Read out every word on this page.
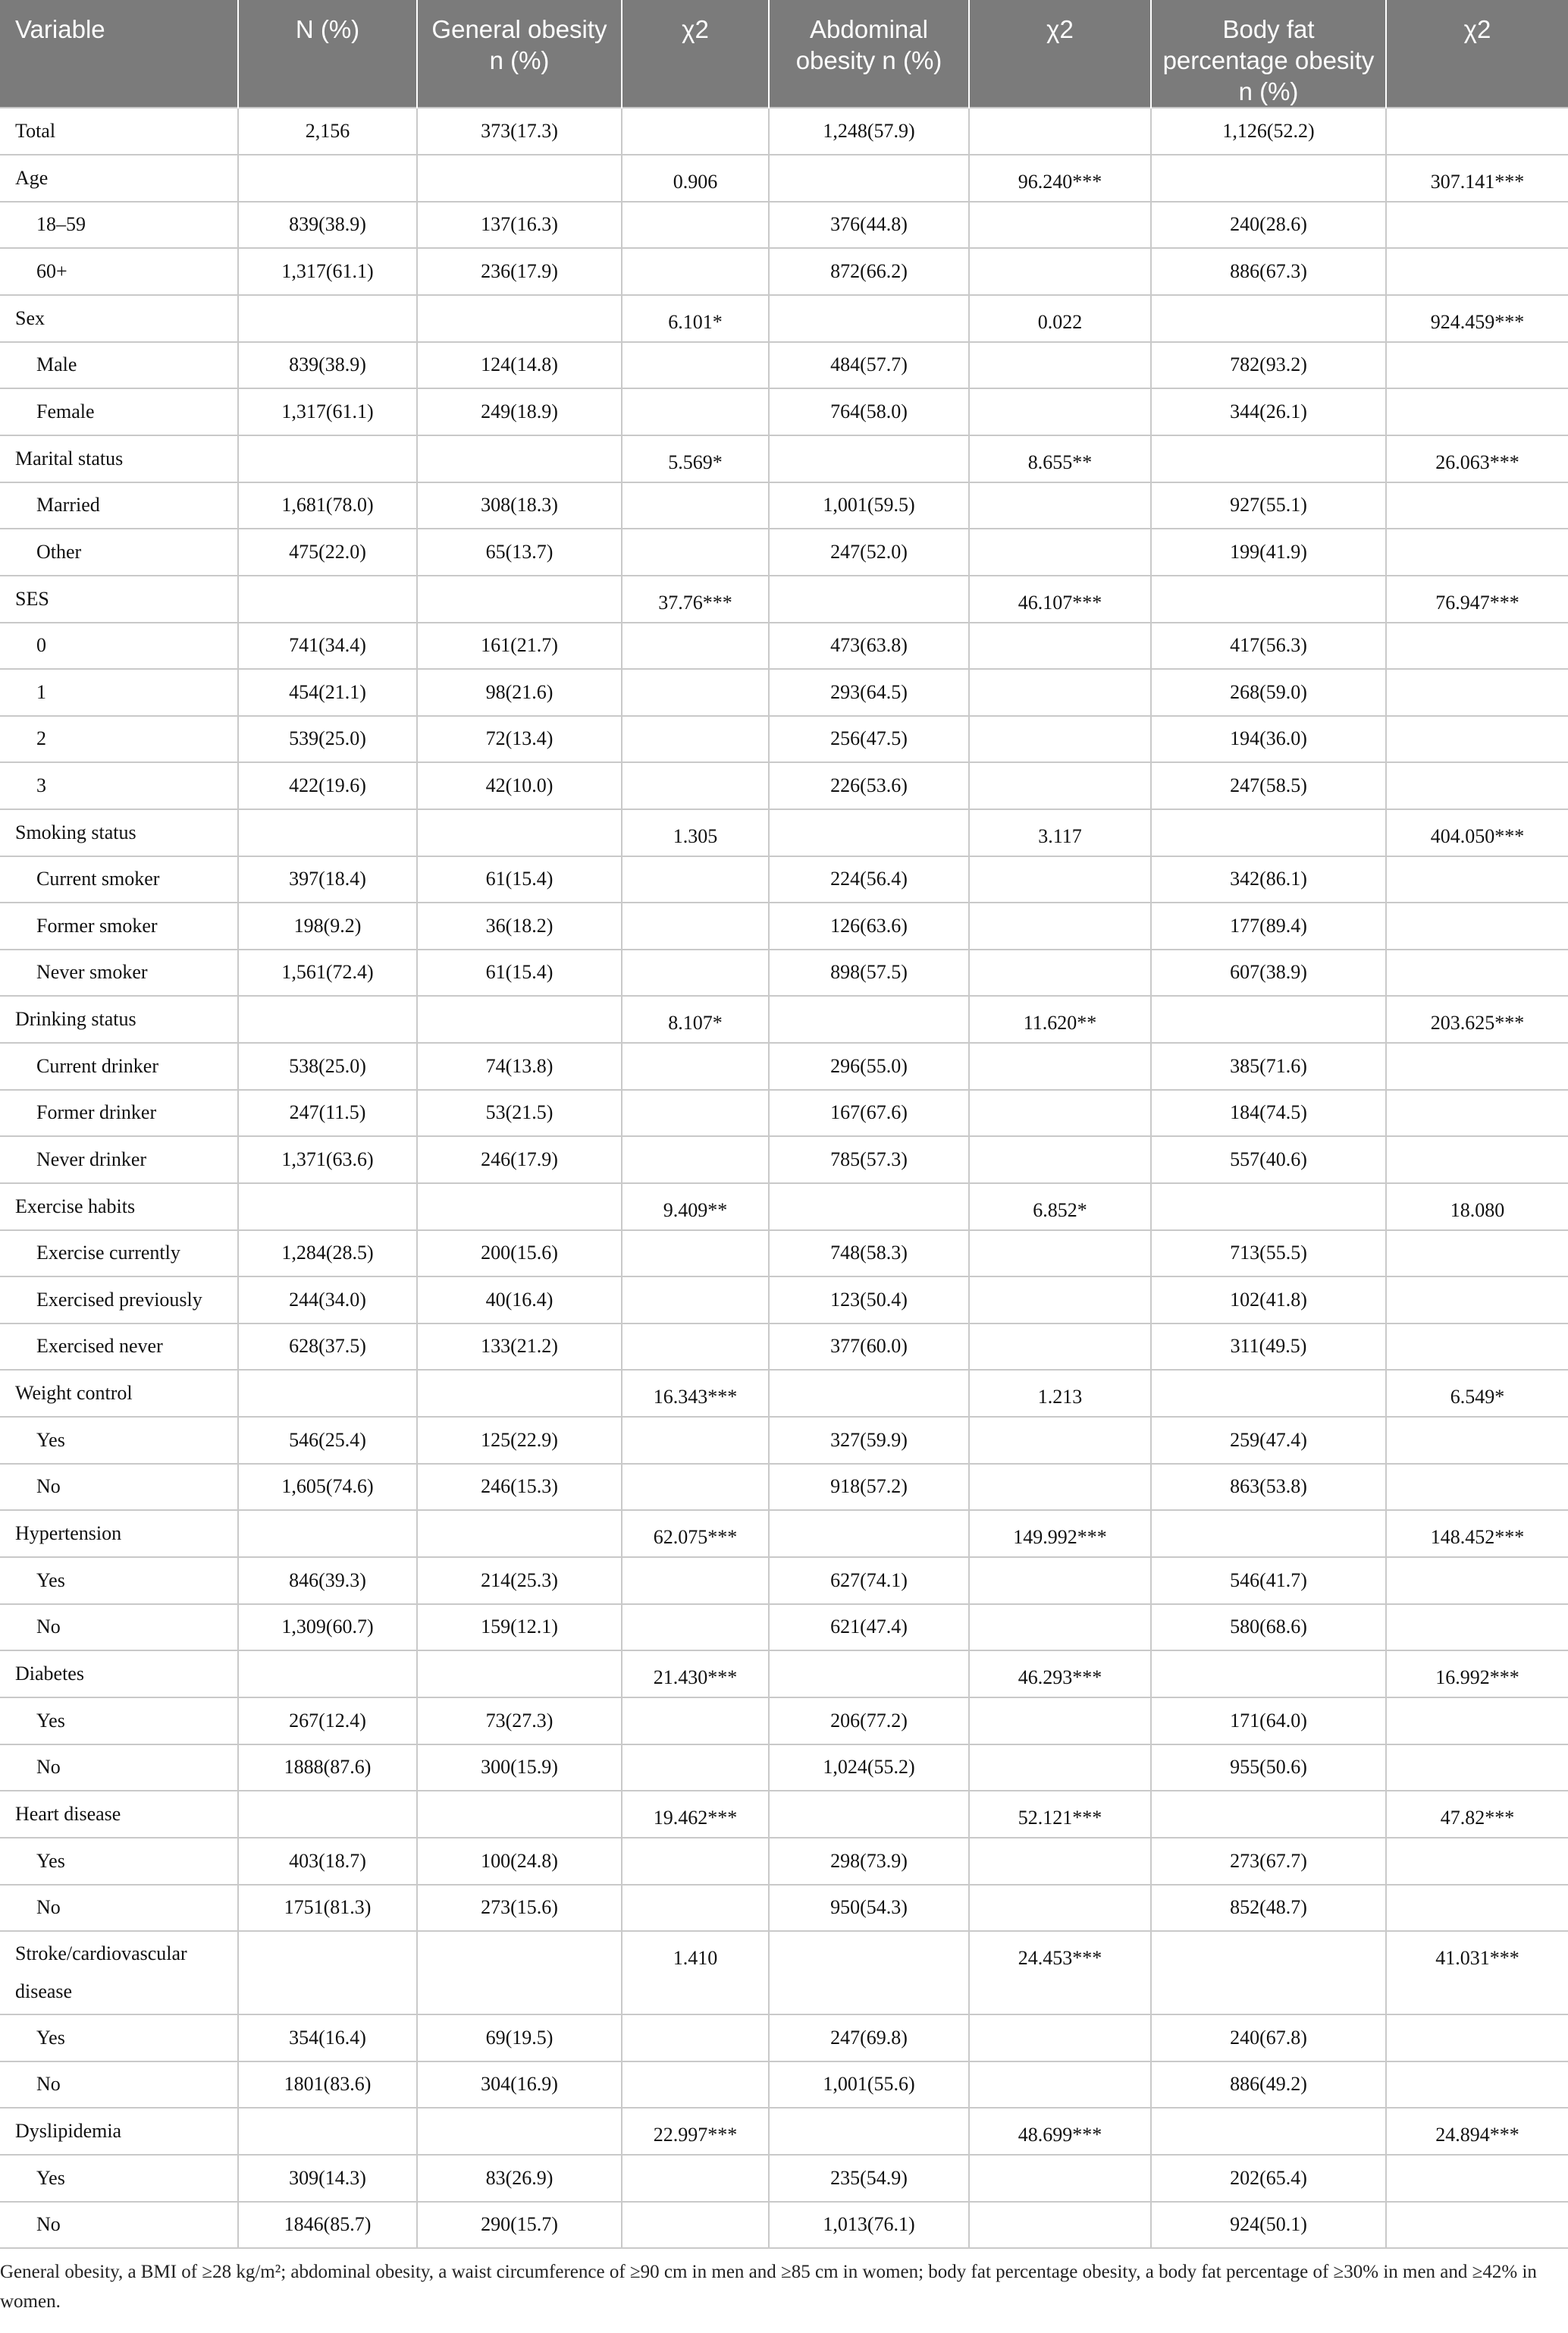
Variable	N (%)	General obesity n (%)	χ2	Abdominal obesity n (%)	χ2	Body fat percentage obesity n (%)	χ2
Total	2,156	373(17.3)		1,248(57.9)		1,126(52.2)	
Age			0.906		96.240***		307.141***
18–59	839(38.9)	137(16.3)		376(44.8)		240(28.6)	
60+	1,317(61.1)	236(17.9)		872(66.2)		886(67.3)	
Sex			6.101*		0.022		924.459***
Male	839(38.9)	124(14.8)		484(57.7)		782(93.2)	
Female	1,317(61.1)	249(18.9)		764(58.0)		344(26.1)	
Marital status			5.569*		8.655**		26.063***
Married	1,681(78.0)	308(18.3)		1,001(59.5)		927(55.1)	
Other	475(22.0)	65(13.7)		247(52.0)		199(41.9)	
SES			37.76***		46.107***		76.947***
0	741(34.4)	161(21.7)		473(63.8)		417(56.3)	
1	454(21.1)	98(21.6)		293(64.5)		268(59.0)	
2	539(25.0)	72(13.4)		256(47.5)		194(36.0)	
3	422(19.6)	42(10.0)		226(53.6)		247(58.5)	
Smoking status			1.305		3.117		404.050***
Current smoker	397(18.4)	61(15.4)		224(56.4)		342(86.1)	
Former smoker	198(9.2)	36(18.2)		126(63.6)		177(89.4)	
Never smoker	1,561(72.4)	61(15.4)		898(57.5)		607(38.9)	
Drinking status			8.107*		11.620**		203.625***
Current drinker	538(25.0)	74(13.8)		296(55.0)		385(71.6)	
Former drinker	247(11.5)	53(21.5)		167(67.6)		184(74.5)	
Never drinker	1,371(63.6)	246(17.9)		785(57.3)		557(40.6)	
Exercise habits			9.409**		6.852*		18.080
Exercise currently	1,284(28.5)	200(15.6)		748(58.3)		713(55.5)	
Exercised previously	244(34.0)	40(16.4)		123(50.4)		102(41.8)	
Exercised never	628(37.5)	133(21.2)		377(60.0)		311(49.5)	
Weight control			16.343***		1.213		6.549*
Yes	546(25.4)	125(22.9)		327(59.9)		259(47.4)	
No	1,605(74.6)	246(15.3)		918(57.2)		863(53.8)	
Hypertension			62.075***		149.992***		148.452***
Yes	846(39.3)	214(25.3)		627(74.1)		546(41.7)	
No	1,309(60.7)	159(12.1)		621(47.4)		580(68.6)	
Diabetes			21.430***		46.293***		16.992***
Yes	267(12.4)	73(27.3)		206(77.2)		171(64.0)	
No	1888(87.6)	300(15.9)		1,024(55.2)		955(50.6)	
Heart disease			19.462***		52.121***		47.82***
Yes	403(18.7)	100(24.8)		298(73.9)		273(67.7)	
No	1751(81.3)	273(15.6)		950(54.3)		852(48.7)	
Stroke/cardiovascular disease			1.410		24.453***		41.031***
Yes	354(16.4)	69(19.5)		247(69.8)		240(67.8)	
No	1801(83.6)	304(16.9)		1,001(55.6)		886(49.2)	
Dyslipidemia			22.997***		48.699***		24.894***
Yes	309(14.3)	83(26.9)		235(54.9)		202(65.4)	
No	1846(85.7)	290(15.7)		1,013(76.1)		924(50.1)	
General obesity, a BMI of ≥28 kg/m²; abdominal obesity, a waist circumference of ≥90 cm in men and ≥85 cm in women; body fat percentage obesity, a body fat percentage of ≥30% in men and ≥42% in women.
